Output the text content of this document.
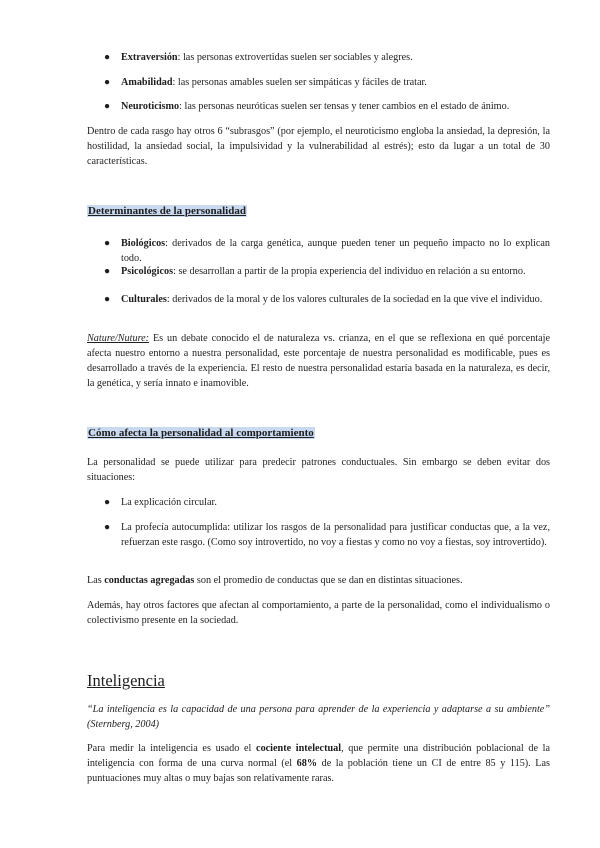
● Extraversión: las personas extrovertidas suelen ser sociables y alegres.

● Amabilidad: las personas amables suelen ser simpáticas y fáciles de tratar.

● Neuroticismo: las personas neuróticas suelen ser tensas y tener cambios en el estado de ánimo.

Dentro de cada rasgo hay otros 6 “subrasgos” (por ejemplo, el neuroticismo engloba la ansiedad, la depresión, la hostilidad, la ansiedad social, la impulsividad y la vulnerabilidad al estrés); esto da lugar a un total de 30 características.

Determinantes de la personalidad
● Biológicos: derivados de la carga genética, aunque pueden tener un pequeño impacto no lo explican todo.

● Psicológicos: se desarrollan a partir de la propia experiencia del individuo en relación a su entorno.

● Culturales: derivados de la moral y de los valores culturales de la sociedad en la que vive el individuo.

Nature/Nuture: Es un debate conocido el de naturaleza vs. crianza, en el que se reflexiona en qué porcentaje afecta nuestro entorno a nuestra personalidad, este porcentaje de nuestra personalidad es modificable, pues es desarrollado a través de la experiencia. El resto de nuestra personalidad estaría basada en la naturaleza, es decir, la genética, y sería innato e inamovible.

Cómo afecta la personalidad al comportamiento

La personalidad se puede utilizar para predecir patrones conductuales. Sin embargo se deben evitar dos situaciones:

● La explicación circular.

● La profecía autocumplida: utilizar los rasgos de la personalidad para justificar conductas que, a la vez, refuerzan este rasgo. (Como soy introvertido, no voy a fiestas y como no voy a fiestas, soy introvertido).

Las conductas agregadas son el promedio de conductas que se dan en distintas situaciones.

Además, hay otros factores que afectan al comportamiento, a parte de la personalidad, como el individualismo o colectivismo presente en la sociedad.

Inteligencia

“La inteligencia es la capacidad de una persona para aprender de la experiencia y adaptarse a su ambiente” (Sternberg, 2004)

Para medir la inteligencia es usado el cociente intelectual, que permite una distribución poblacional de la inteligencia con forma de una curva normal (el 68% de la población tiene un CI de entre 85 y 115). Las puntuaciones muy altas o muy bajas son relativamente raras.
